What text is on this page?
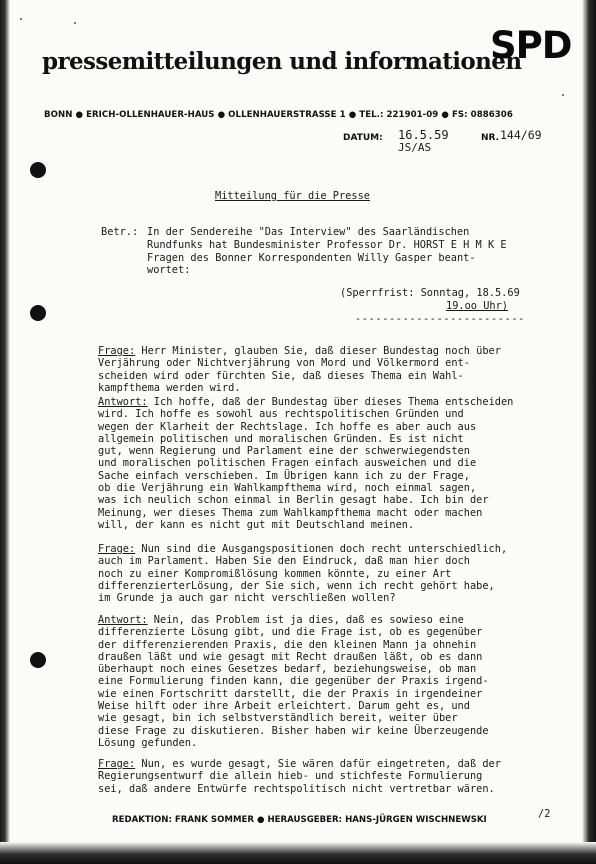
pressemitteilungen und informationen
SPD
BONN ● ERICH-OLLENHAUER-HAUS ● OLLENHAUERSTRASSE 1 ● TEL.: 221901-09 ● FS: 0886306
DATUM: 16.5.59
JS/AS
NR. 144/69
Mitteilung für die Presse
Betr.: In der Sendereihe "Das Interview" des Saarländischen
Rundfunks hat Bundesminister Professor Dr. HORST E H M K E
Fragen des Bonner Korrespondenten Willy Gasper beant-
wortet:
(Sperrfrist: Sonntag, 18.5.69
19.oo Uhr)
-------------------------
Frage: Herr Minister, glauben Sie, daß dieser Bundestag noch über
Verjährung oder Nichtverjährung von Mord und Völkermord ent-
scheiden wird oder fürchten Sie, daß dieses Thema ein Wahl-
kampfthema werden wird.
Antwort: Ich hoffe, daß der Bundestag über dieses Thema entscheiden
wird. Ich hoffe es sowohl aus rechtspolitischen Gründen und
wegen der Klarheit der Rechtslage. Ich hoffe es aber auch aus
allgemein politischen und moralischen Gründen. Es ist nicht
gut, wenn Regierung und Parlament eine der schwerwiegendsten
und moralischen politischen Fragen einfach ausweichen und die
Sache einfach verschieben. Im Übrigen kann ich zu der Frage,
ob die Verjährung ein Wahlkampfthema wird, noch einmal sagen,
was ich neulich schon einmal in Berlin gesagt habe. Ich bin der
Meinung, wer dieses Thema zum Wahlkampfthema macht oder machen
will, der kann es nicht gut mit Deutschland meinen.
Frage: Nun sind die Ausgangspositionen doch recht unterschiedlich,
auch im Parlament. Haben Sie den Eindruck, daß man hier doch
noch zu einer Kompromißlösung kommen könnte, zu einer Art
differenzierterLösung, der Sie sich, wenn ich recht gehört habe,
im Grunde ja auch gar nicht verschließen wollen?
Antwort: Nein, das Problem ist ja dies, daß es sowieso eine
differenzierte Lösung gibt, und die Frage ist, ob es gegenüber
der differenzierenden Praxis, die den kleinen Mann ja ohnehin
draußen läßt und wie gesagt mit Recht draußen läßt, ob es dann
überhaupt noch eines Gesetzes bedarf, beziehungsweise, ob man
eine Formulierung finden kann, die gegenüber der Praxis irgend-
wie einen Fortschritt darstellt, die der Praxis in irgendeiner
Weise hilft oder ihre Arbeit erleichtert. Darum geht es, und
wie gesagt, bin ich selbstverständlich bereit, weiter über
diese Frage zu diskutieren. Bisher haben wir keine Überzeugende
Lösung gefunden.
Frage: Nun, es wurde gesagt, Sie wären dafür eingetreten, daß der
Regierungsentwurf die allein hieb- und stichfeste Formulierung
sei, daß andere Entwürfe rechtspolitisch nicht vertretbar wären.
/2
REDAKTION: FRANK SOMMER ● HERAUSGEBER: HANS-JÜRGEN WISCHNEWSKI
